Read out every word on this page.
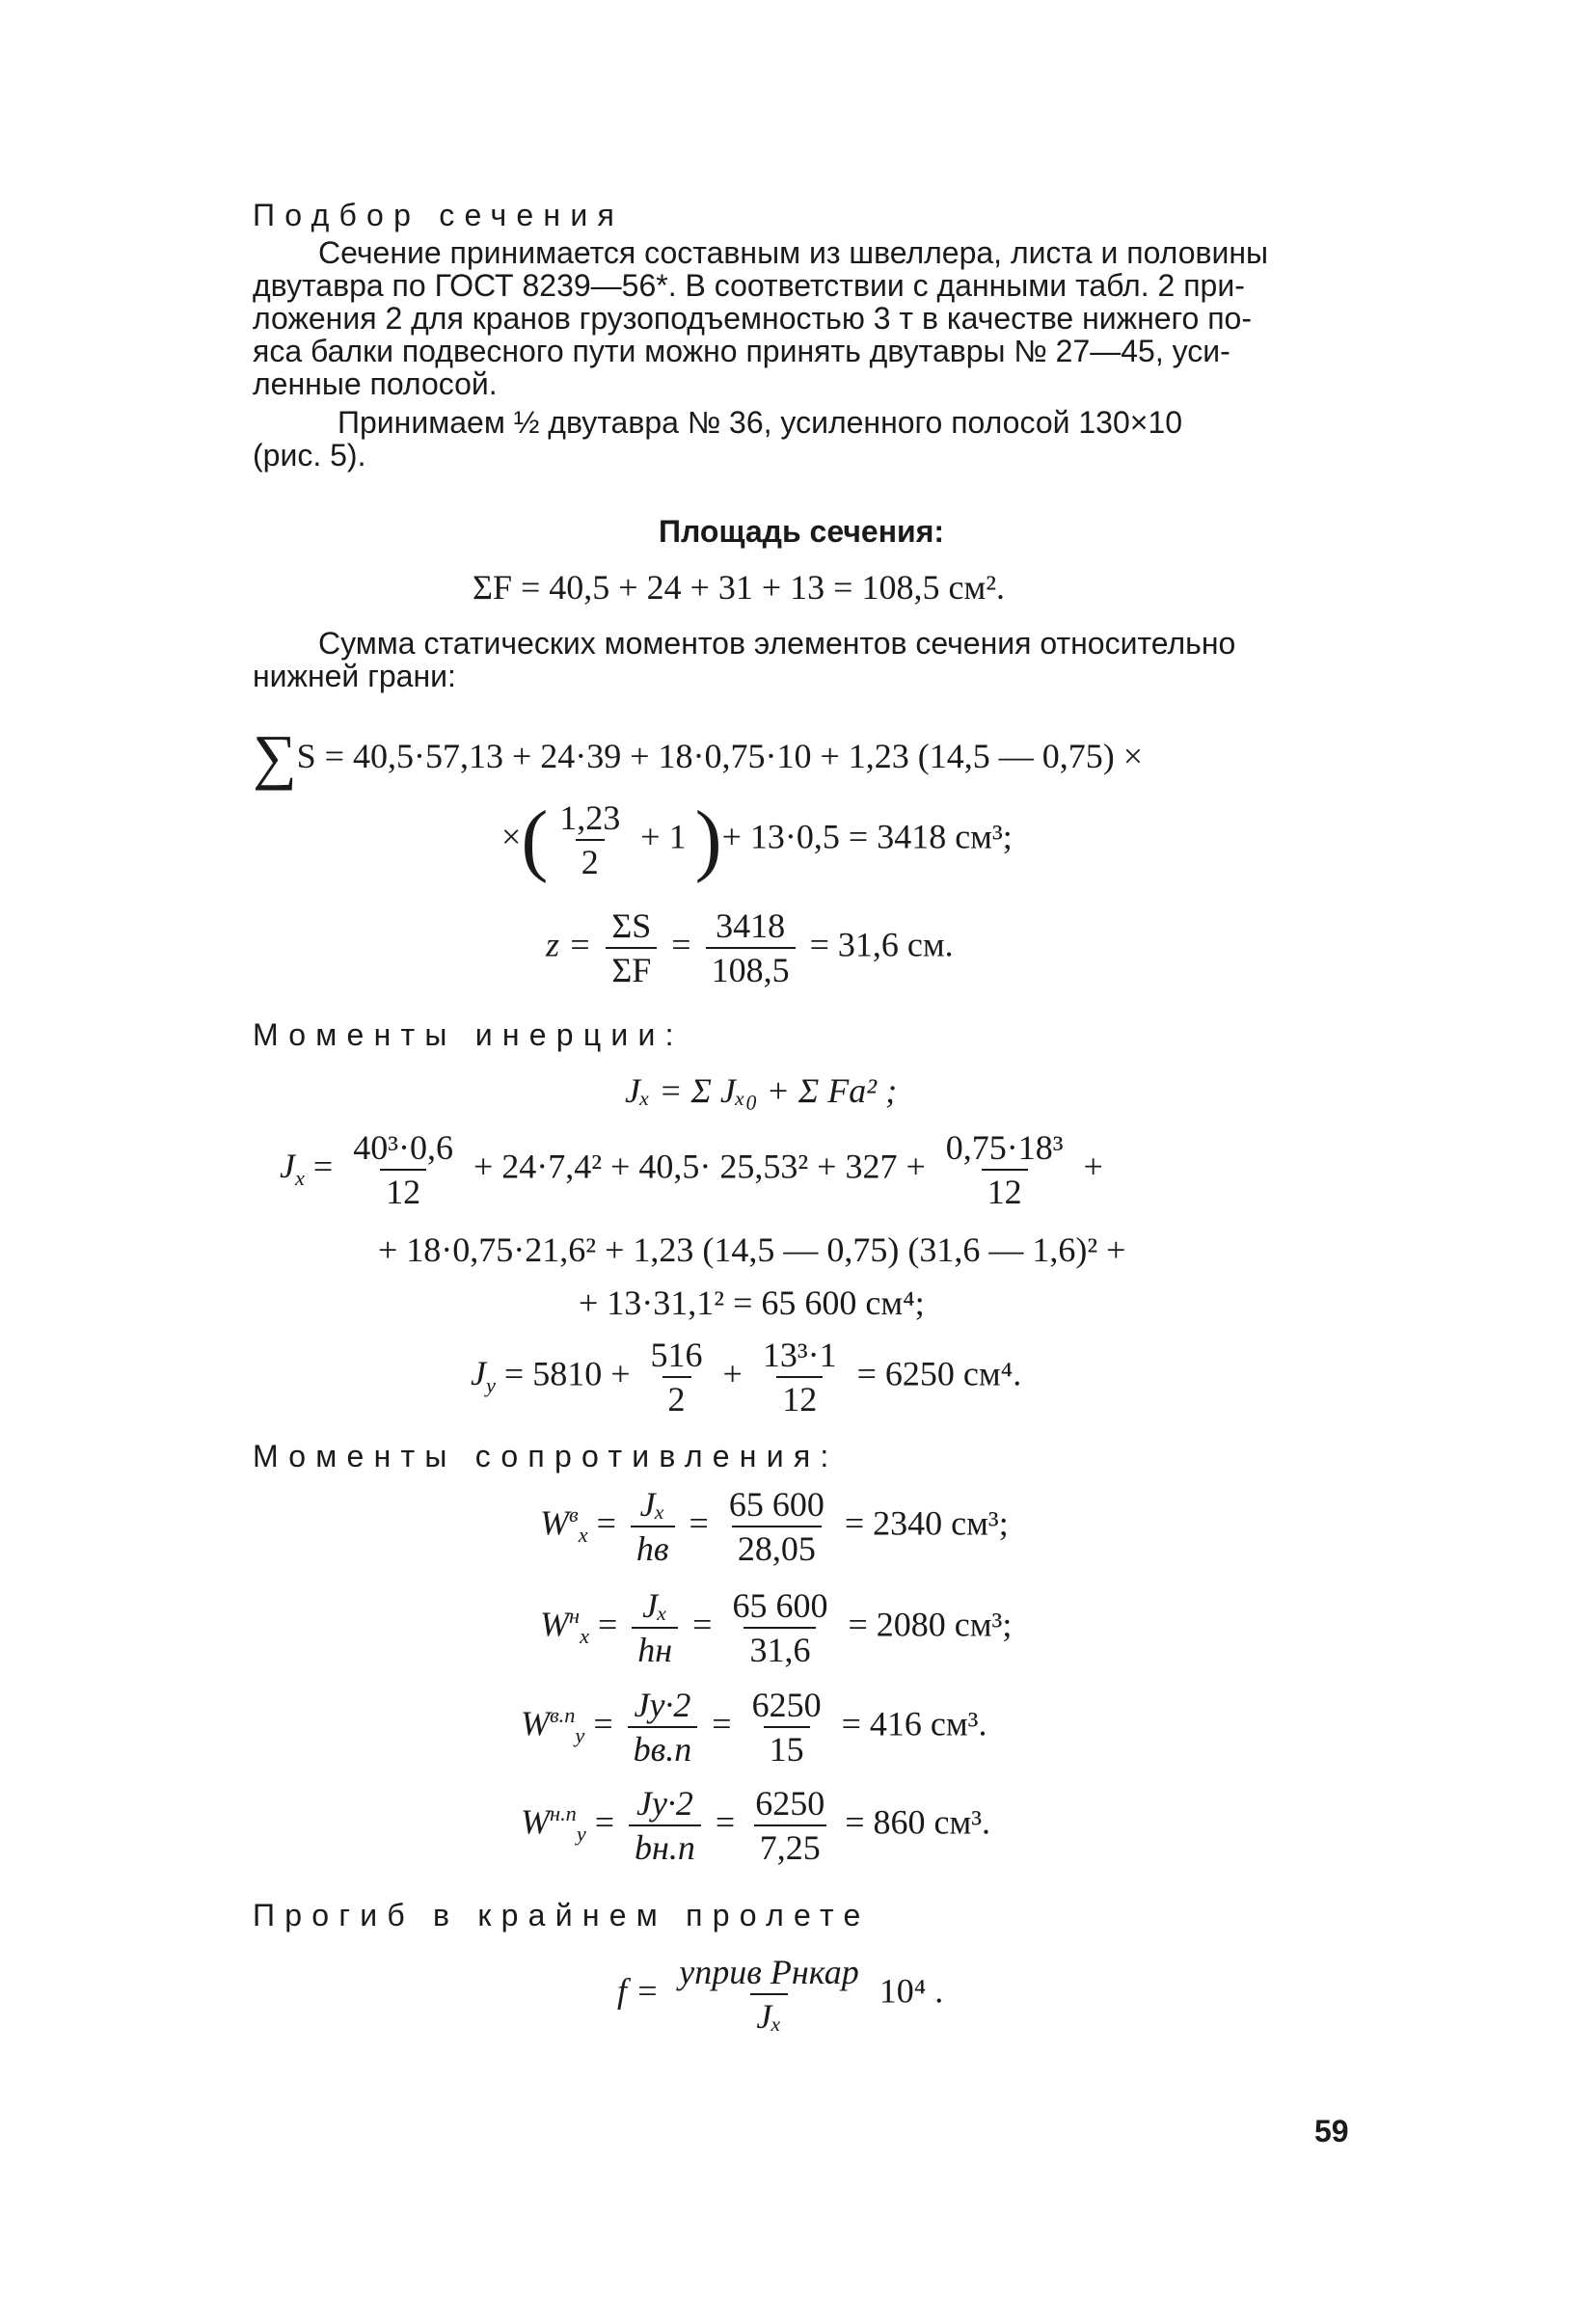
Подбор сечения
Сечение принимается составным из швеллера, листа и половины
двутавра по ГОСТ 8239—56*. В соответствии с данными табл. 2 при-
ложения 2 для кранов грузоподъемностью 3 т в качестве нижнего по-
яса балки подвесного пути можно принять двутавры № 27—45, уси-
ленные полосой.
Принимаем ½ двутавра № 36, усиленного полосой 130×10
(рис. 5).
Площадь сечения:
ΣF = 40,5 + 24 + 31 + 13 = 108,5 см².
Сумма статических моментов элементов сечения относительно
нижней грани:
∑S = 40,5·57,13 + 24·39 + 18·0,75·10 + 1,23 (14,5 — 0,75) ×
×( $\frac{1,23}{2} + 1$ )+ 13·0,5 = 3418 см³;
$z = \frac{\Sigma S}{\Sigma F} = \frac{3418}{108,5} = 31,6$ см.
Моменты инерции:
Jₓ = Σ Jₓ₀ + Σ Fa² ;
$J_x = \frac{\text{40³·0,6}}{12} + 24\cdot 7,4^2 + 40,5\cdot 25,53^2 + 327 + \frac{\text{0,75·18³}}{12}$ +
+ 18·0,75·21,6² + 1,23 (14,5 — 0,75) (31,6 — 1,6)² +
+ 13·31,1² = 65 600 см⁴;
$J_y = 5810 + \frac{516}{2} + \frac{\text{13³·1}}{12} = 6250$ см⁴.
Моменты сопротивления:
$W^в_x = \frac{\text{Jₓ}}{hв} = \frac{65 600}{28,05} = 2340$ см³;
$W^н_x = \frac{\text{Jₓ}}{hн} = \frac{65 600}{31,6} = 2080$ см³;
$W^{в.п}_y = \frac{Jy\cdot 2}{bв.п} = \frac{6250}{15} = 416$ см³.
$W^{н.п}_y = \frac{Jy\cdot 2}{bн.п} = \frac{6250}{7,25} = 860$ см³.
Прогиб в крайнем пролете
$f = \frac{\text{yприв Pнкар}}{\text{Jₓ}} 10^4$ .
59
